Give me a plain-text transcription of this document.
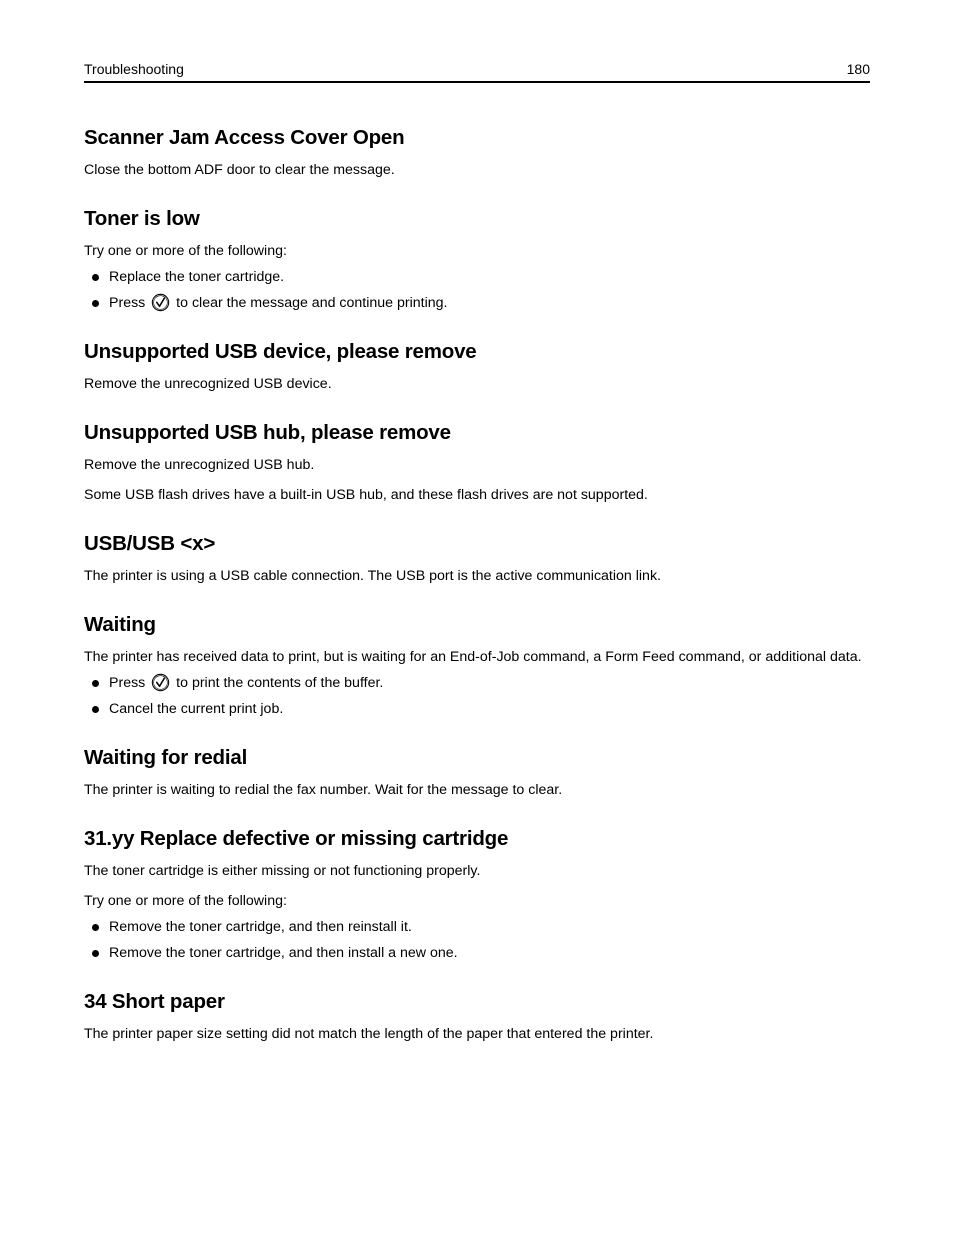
Troubleshooting	180
Scanner Jam Access Cover Open

Close the bottom ADF door to clear the message.

Toner is low

Try one or more of the following:

Replace the toner cartridge.
Press to clear the message and continue printing.
Unsupported USB device, please remove

Remove the unrecognized USB device.

Unsupported USB hub, please remove

Remove the unrecognized USB hub.

Some USB flash drives have a built-in USB hub, and these flash drives are not supported.

USB/USB <x>

The printer is using a USB cable connection. The USB port is the active communication link.

Waiting

The printer has received data to print, but is waiting for an End-of-Job command, a Form Feed command, or additional data.

Press to print the contents of the buffer.
Cancel the current print job.
Waiting for redial

The printer is waiting to redial the fax number. Wait for the message to clear.

31.yy Replace defective or missing cartridge

The toner cartridge is either missing or not functioning properly.

Try one or more of the following:

Remove the toner cartridge, and then reinstall it.
Remove the toner cartridge, and then install a new one.
34 Short paper

The printer paper size setting did not match the length of the paper that entered the printer.
